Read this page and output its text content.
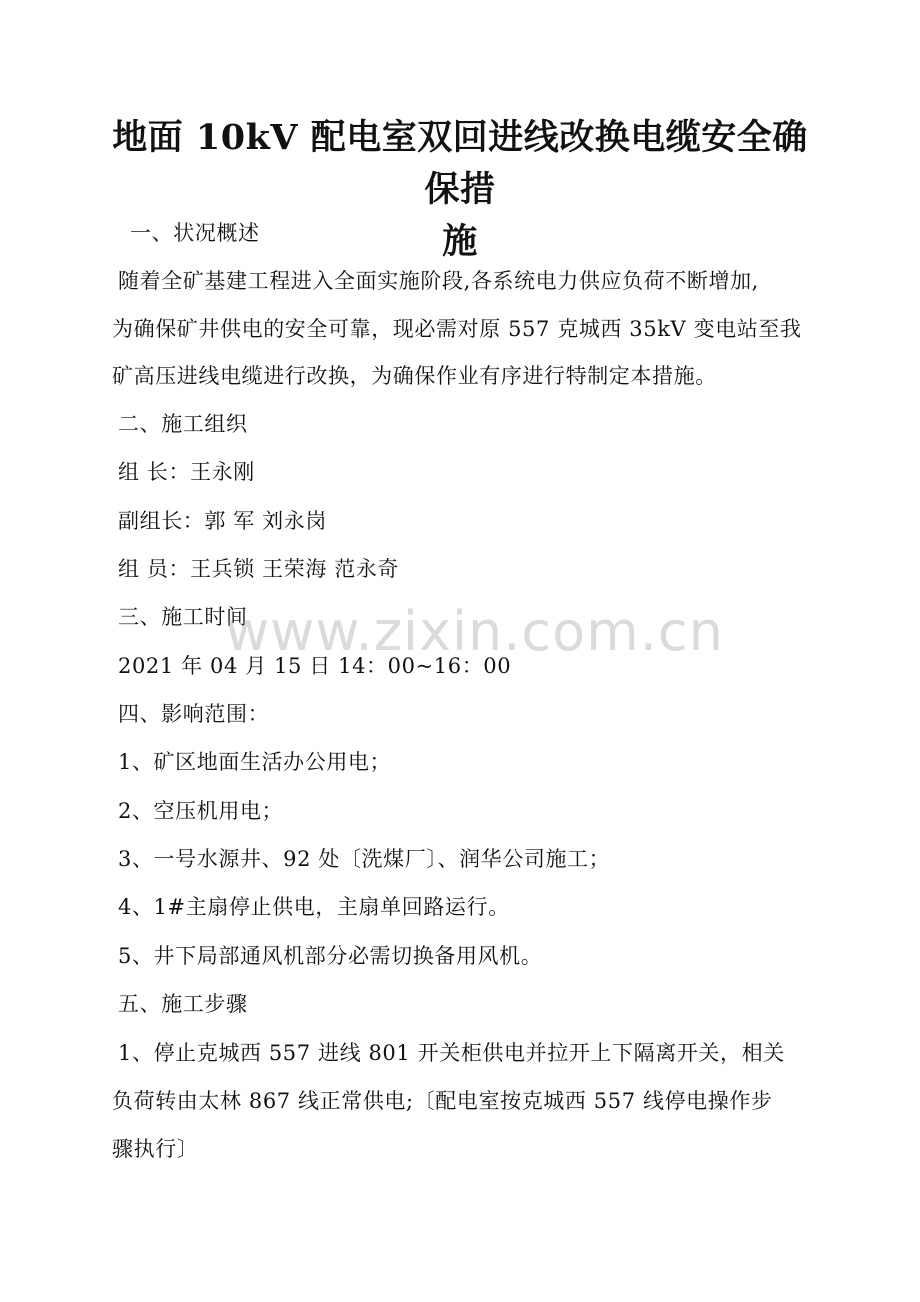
地面 10kV 配电室双回进线改换电缆安全确保措
施
一、状况概述
随着全矿基建工程进入全面实施阶段,各系统电力供应负荷不断增加,
为确保矿井供电的安全可靠，现必需对原 557 克城西 35kV 变电站至我
矿高压进线电缆进行改换，为确保作业有序进行特制定本措施。
二、施工组织
组 长：王永刚
副组长：郭 军 刘永岗
组 员：王兵锁 王荣海 范永奇
三、施工时间
2021 年 04 月 15 日 14：00~16：00
四、影响范围：
1、矿区地面生活办公用电；
2、空压机用电；
3、一号水源井、92 处〔洗煤厂〕、润华公司施工；
4、1#主扇停止供电，主扇单回路运行。
5、井下局部通风机部分必需切换备用风机。
五、施工步骤
1、停止克城西 557 进线 801 开关柜供电并拉开上下隔离开关，相关
负荷转由太林 867 线正常供电;〔配电室按克城西 557 线停电操作步
骤执行〕
www.zixin.com.cn
